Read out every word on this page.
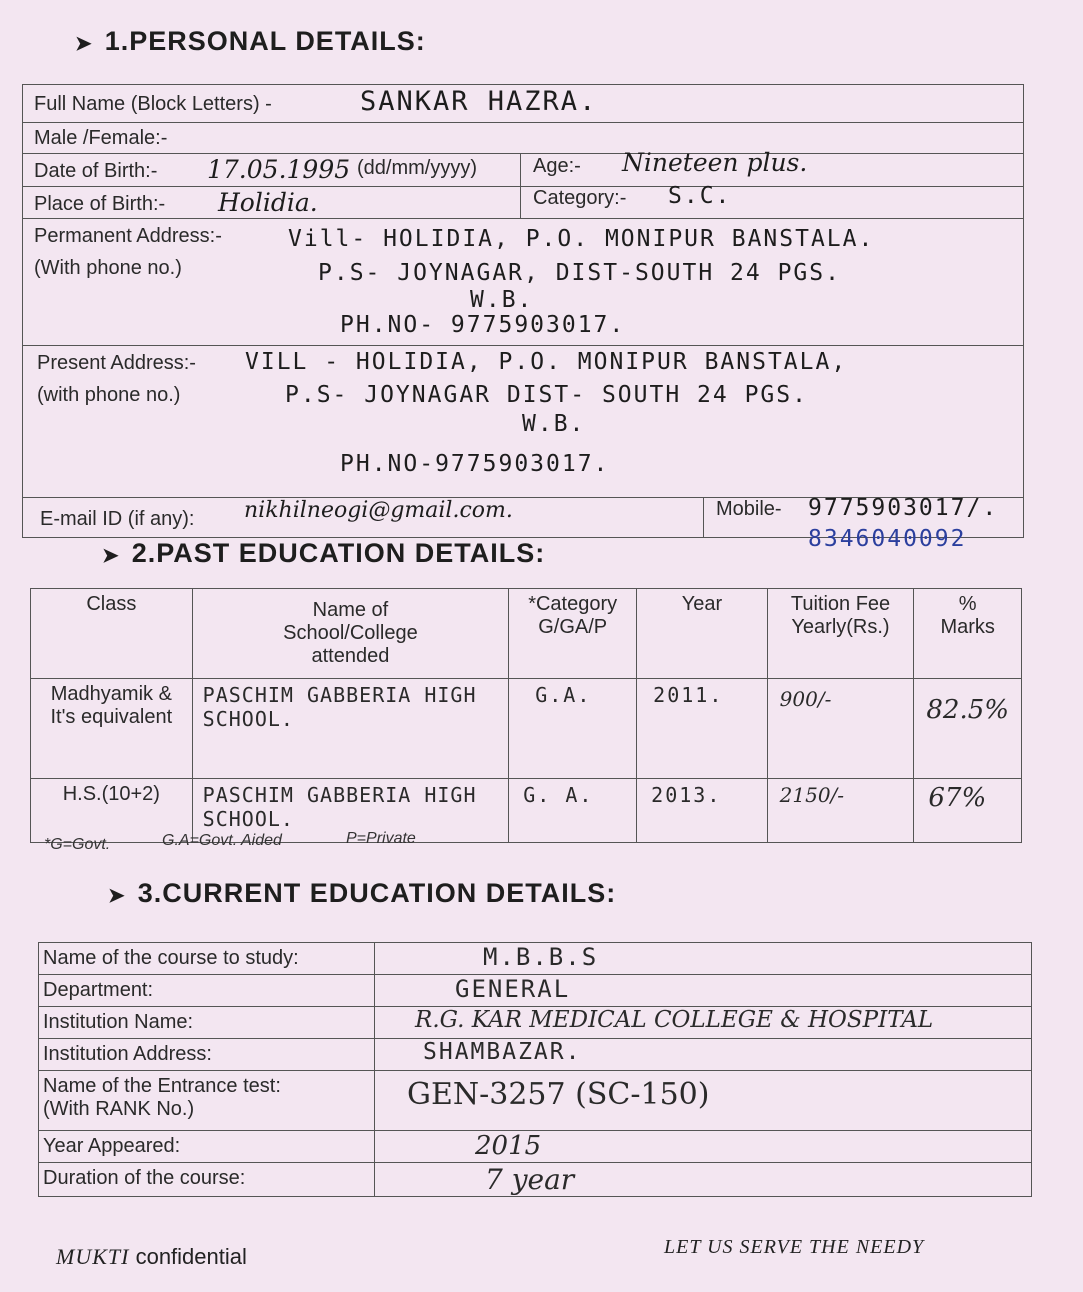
➤ 1.PERSONAL DETAILS:
Full Name (Block Letters) -	SANKAR HAZRA.
Male /Female:-
Date of Birth:- 17.05.1995 (dd/mm/yyyy)	Age:- Nineteen plus.
Place of Birth:- Holidia.	Category:- S.C.
Permanent Address:-
(With phone no.)
Vill- HOLIDIA, P.O. MONIPUR BANSTALA.
P.S- JOYNAGAR, DIST-SOUTH 24 PGS.
W.B.
PH.NO- 9775903017.
Present Address:-
(with phone no.)
VILL - HOLIDIA, P.O. MONIPUR BANSTALA,
P.S- JOYNAGAR DIST- SOUTH 24 PGS.
W.B.
PH.NO-9775903017.
E-mail ID (if any): nikhilneogi@gmail.com.	Mobile- 9775903017/.
8346040092
➤ 2.PAST EDUCATION DETAILS:
Class	Name of School/College attended	*Category G/GA/P	Year	Tuition Fee Yearly(Rs.)	% Marks
Madhyamik & It's equivalent	PASCHIM GABBERIA HIGH SCHOOL.	G.A.	2011.	900/-	82.5%
H.S.(10+2)	PASCHIM GABBERIA HIGH SCHOOL.	G. A.	2013.	2150/-	67%
*G=Govt.	G.A=Govt. Aided	P=Private
➤ 3.CURRENT EDUCATION DETAILS:
Name of the course to study:	M.B.B.S
Department:	GENERAL
Institution Name:	R.G. KAR MEDICAL COLLEGE & HOSPITAL
Institution Address:	SHAMBAZAR.

Name of the Entrance test:
(With RANK No.)	GEN-3257 (SC-150)
Year Appeared:	2015
Duration of the course:	7 year
MUKTI confidential	LET US SERVE THE NEEDY
